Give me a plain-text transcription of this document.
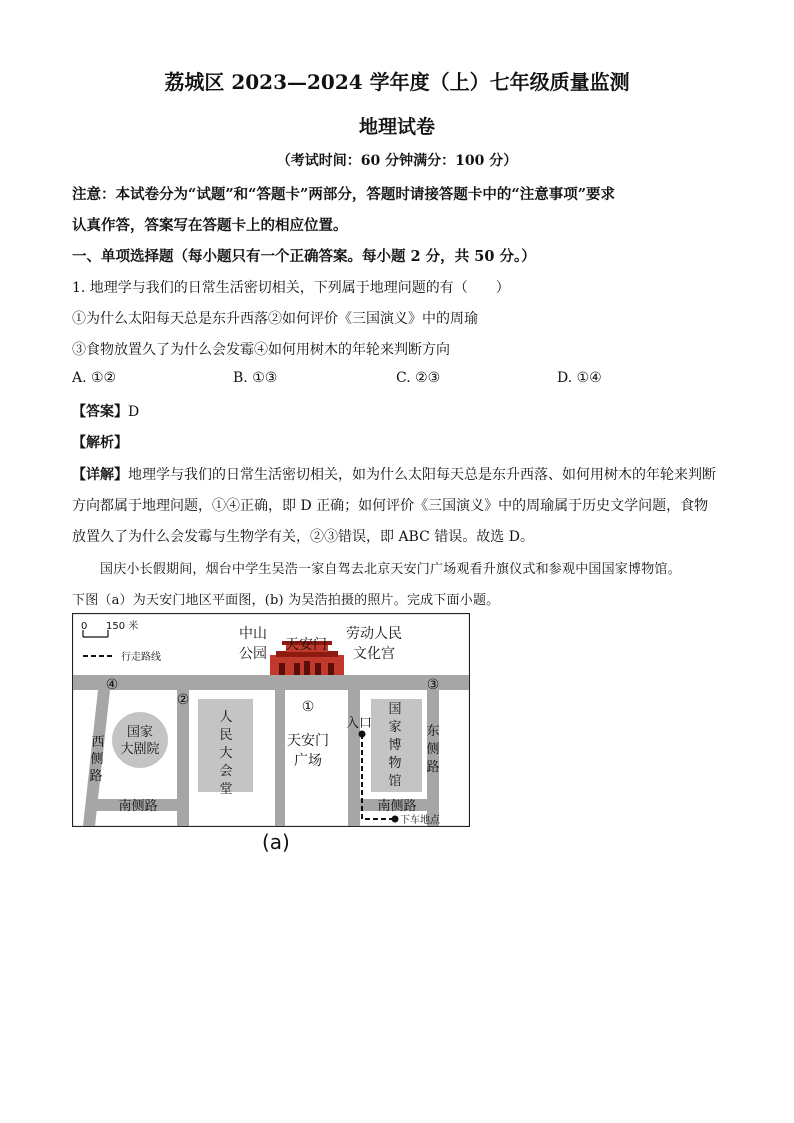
荔城区 2023—2024 学年度（上）七年级质量监测
地理试卷
（考试时间：60 分钟满分：100 分）
注意：本试卷分为“试题”和“答题卡”两部分，答题时请接答题卡中的“注意事项”要求
认真作答，答案写在答题卡上的相应位置。
一、单项选择题（每小题只有一个正确答案。每小题 2 分，共 50 分。）
1. 地理学与我们的日常生活密切相关，下列属于地理问题的有（　　）
①为什么太阳每天总是东升西落②如何评价《三国演义》中的周瑜
③食物放置久了为什么会发霉④如何用树木的年轮来判断方向
A. ①②	B. ①③	C. ②③	D. ①④
【答案】D
【解析】
【详解】地理学与我们的日常生活密切相关，如为什么太阳每天总是东升西落、如何用树木的年轮来判断
方向都属于地理问题，①④正确，即 D 正确；如何评价《三国演义》中的周瑜属于历史文学问题，食物
放置久了为什么会发霉与生物学有关，②③错误，即 ABC 错误。故选 D。
国庆小长假期间，烟台中学生吴浩一家自驾去北京天安门广场观看升旗仪式和参观中国国家博物馆。
下图（a）为天安门地区平面图，(b) 为吴浩拍摄的照片。完成下面小题。
0 150 米
行走路线
中山
公园
天安门
劳动人民
文化宫
④
②	①
③
国家
大剧院
西
侧
路
人
民
大
会
堂
天安门
广场
入口
下车地点
国
家
博
物
馆
东
侧
路
南侧路	南侧路
(a)
